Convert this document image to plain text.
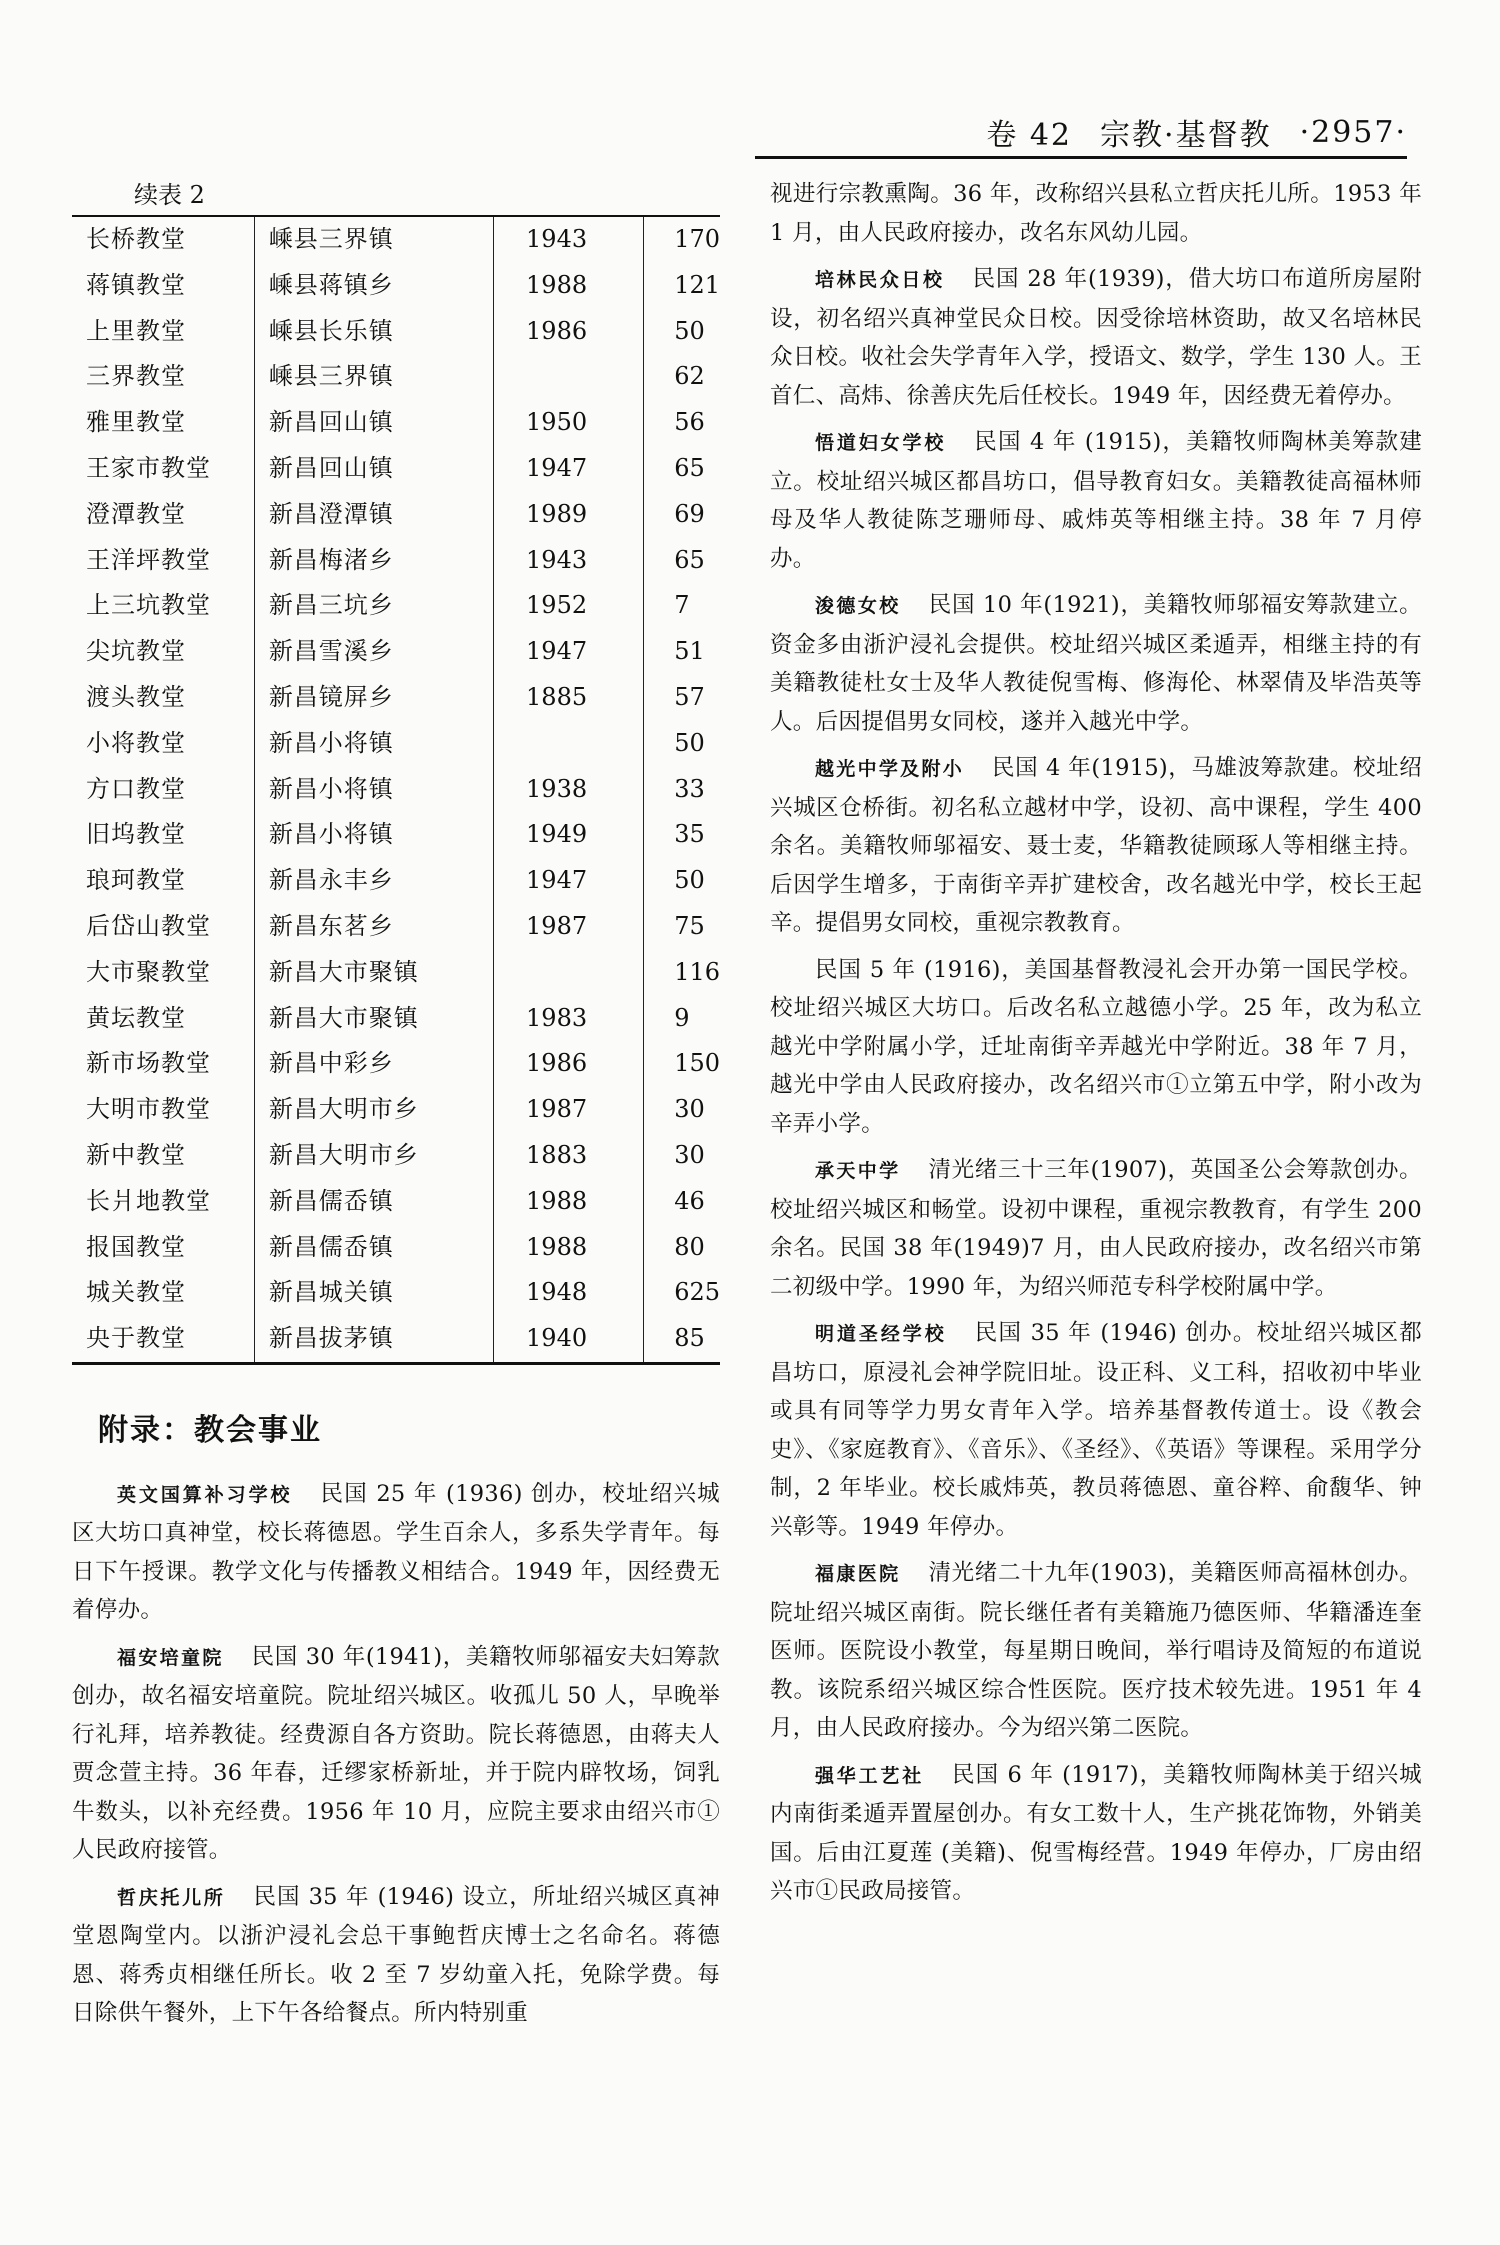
卷 42 宗教·基督教 ·2957·
续表 2
长桥教堂	嵊县三界镇	1943	170
蒋镇教堂	嵊县蒋镇乡	1988	121
上里教堂	嵊县长乐镇	1986	50
三界教堂	嵊县三界镇		62
雅里教堂	新昌回山镇	1950	56
王家市教堂	新昌回山镇	1947	65
澄潭教堂	新昌澄潭镇	1989	69
王洋坪教堂	新昌梅渚乡	1943	65
上三坑教堂	新昌三坑乡	1952	7
尖坑教堂	新昌雪溪乡	1947	51
渡头教堂	新昌镜屏乡	1885	57
小将教堂	新昌小将镇		50
方口教堂	新昌小将镇	1938	33
旧坞教堂	新昌小将镇	1949	35
琅珂教堂	新昌永丰乡	1947	50
后岱山教堂	新昌东茗乡	1987	75
大市聚教堂	新昌大市聚镇		116
黄坛教堂	新昌大市聚镇	1983	9
新市场教堂	新昌中彩乡	1986	150
大明市教堂	新昌大明市乡	1987	30
新中教堂	新昌大明市乡	1883	30
长爿地教堂	新昌儒岙镇	1988	46
报国教堂	新昌儒岙镇	1988	80
城关教堂	新昌城关镇	1948	625
央于教堂	新昌拔茅镇	1940	85
附录：教会事业

英文国算补习学校 民国 25 年 (1936) 创办，校址绍兴城区大坊口真神堂，校长蒋德恩。学生百余人，多系失学青年。每日下午授课。教学文化与传播教义相结合。1949 年，因经费无着停办。

福安培童院 民国 30 年(1941)，美籍牧师邬福安夫妇筹款创办，故名福安培童院。院址绍兴城区。收孤儿 50 人，早晚举行礼拜，培养教徒。经费源自各方资助。院长蒋德恩，由蒋夫人贾念萱主持。36 年春，迁缪家桥新址，并于院内辟牧场，饲乳牛数头，以补充经费。1956 年 10 月，应院主要求由绍兴市①人民政府接管。

哲庆托儿所 民国 35 年 (1946) 设立，所址绍兴城区真神堂恩陶堂内。以浙沪浸礼会总干事鲍哲庆博士之名命名。蒋德恩、蒋秀贞相继任所长。收 2 至 7 岁幼童入托，免除学费。每日除供午餐外，上下午各给餐点。所内特别重

视进行宗教熏陶。36 年，改称绍兴县私立哲庆托儿所。1953 年 1 月，由人民政府接办，改名东风幼儿园。

培林民众日校 民国 28 年(1939)，借大坊口布道所房屋附设，初名绍兴真神堂民众日校。因受徐培林资助，故又名培林民众日校。收社会失学青年入学，授语文、数学，学生 130 人。王首仁、高炜、徐善庆先后任校长。1949 年，因经费无着停办。

悟道妇女学校 民国 4 年 (1915)，美籍牧师陶林美筹款建立。校址绍兴城区都昌坊口，倡导教育妇女。美籍教徒高福林师母及华人教徒陈芝珊师母、戚炜英等相继主持。38 年 7 月停办。

浚德女校 民国 10 年(1921)，美籍牧师邬福安筹款建立。资金多由浙沪浸礼会提供。校址绍兴城区柔遁弄，相继主持的有美籍教徒杜女士及华人教徒倪雪梅、修海伦、林翠倩及毕浩英等人。后因提倡男女同校，遂并入越光中学。

越光中学及附小 民国 4 年(1915)，马雄波筹款建。校址绍兴城区仓桥街。初名私立越材中学，设初、高中课程，学生 400 余名。美籍牧师邬福安、聂士麦，华籍教徒顾琢人等相继主持。后因学生增多，于南街辛弄扩建校舍，改名越光中学，校长王起辛。提倡男女同校，重视宗教教育。

民国 5 年 (1916)，美国基督教浸礼会开办第一国民学校。校址绍兴城区大坊口。后改名私立越德小学。25 年，改为私立越光中学附属小学，迁址南街辛弄越光中学附近。38 年 7 月，越光中学由人民政府接办，改名绍兴市①立第五中学，附小改为辛弄小学。

承天中学 清光绪三十三年(1907)，英国圣公会筹款创办。校址绍兴城区和畅堂。设初中课程，重视宗教教育，有学生 200 余名。民国 38 年(1949)7 月，由人民政府接办，改名绍兴市第二初级中学。1990 年，为绍兴师范专科学校附属中学。

明道圣经学校 民国 35 年 (1946) 创办。校址绍兴城区都昌坊口，原浸礼会神学院旧址。设正科、义工科，招收初中毕业或具有同等学力男女青年入学。培养基督教传道士。设《教会史》、《家庭教育》、《音乐》、《圣经》、《英语》等课程。采用学分制，2 年毕业。校长戚炜英，教员蒋德恩、童谷粹、俞馥华、钟兴彰等。1949 年停办。

福康医院 清光绪二十九年(1903)，美籍医师高福林创办。院址绍兴城区南街。院长继任者有美籍施乃德医师、华籍潘连奎医师。医院设小教堂，每星期日晚间，举行唱诗及简短的布道说教。该院系绍兴城区综合性医院。医疗技术较先进。1951 年 4 月，由人民政府接办。今为绍兴第二医院。

强华工艺社 民国 6 年 (1917)，美籍牧师陶林美于绍兴城内南街柔遁弄置屋创办。有女工数十人，生产挑花饰物，外销美国。后由江夏莲 (美籍)、倪雪梅经营。1949 年停办，厂房由绍兴市①民政局接管。
